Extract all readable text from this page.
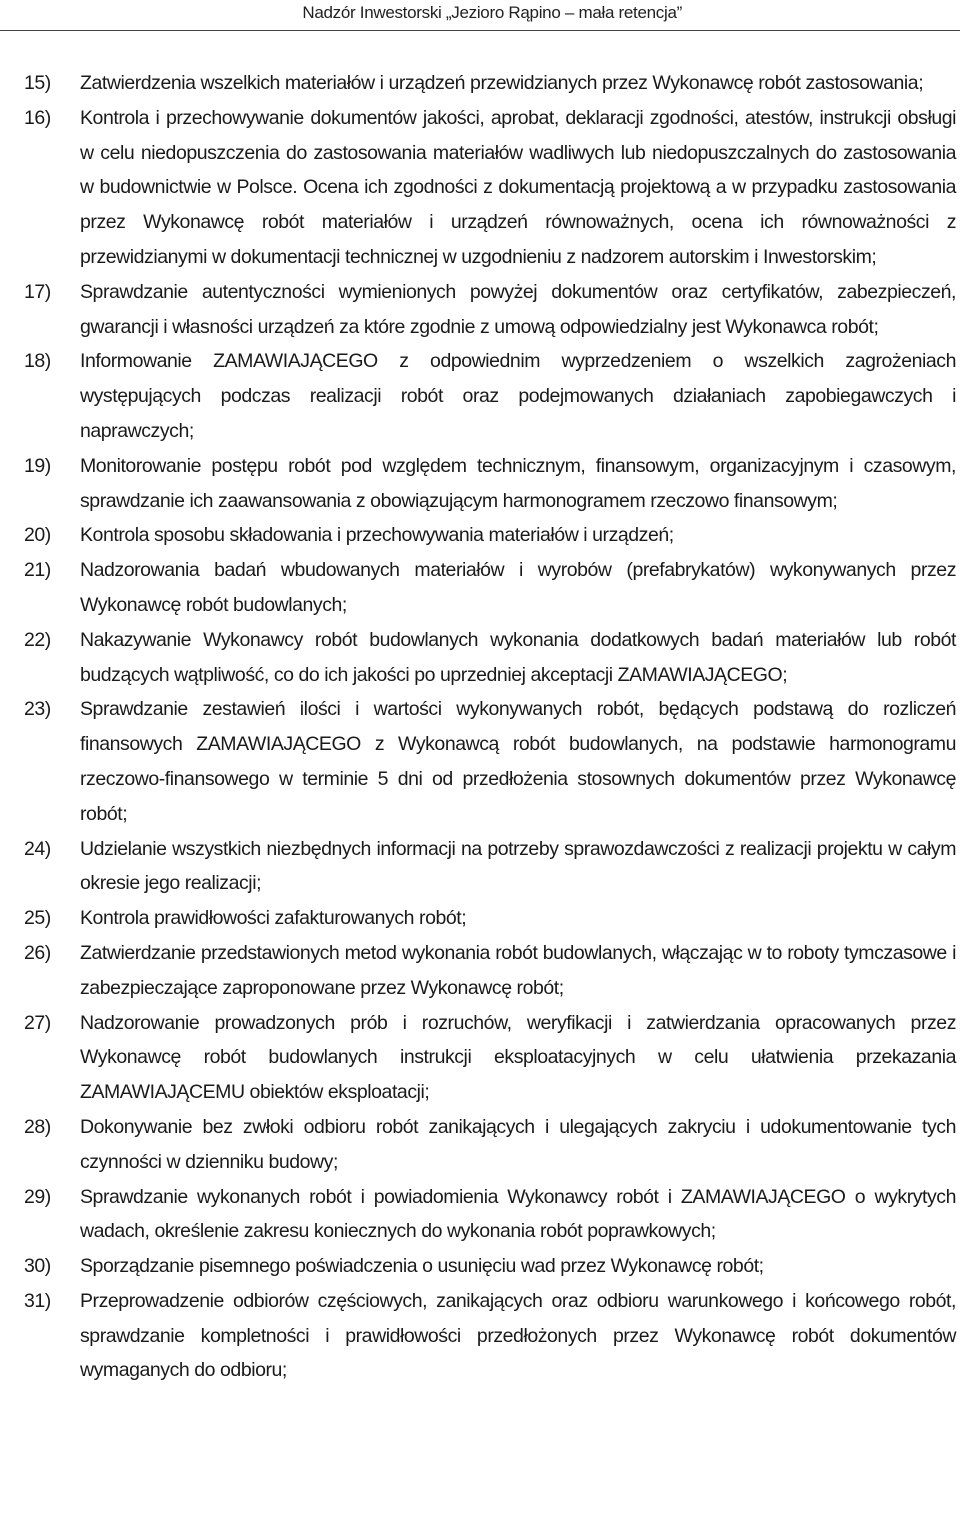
Nadzór Inwestorski „Jezioro Rąpino – mała retencja”
15)	Zatwierdzenia wszelkich materiałów i urządzeń przewidzianych przez Wykonawcę robót zastosowania;
16)	Kontrola i przechowywanie dokumentów jakości, aprobat, deklaracji zgodności, atestów, instrukcji obsługi w celu niedopuszczenia do zastosowania materiałów wadliwych lub niedopuszczalnych do zastosowania w budownictwie w Polsce. Ocena ich zgodności z dokumentacją projektową a w przypadku zastosowania przez Wykonawcę robót materiałów i urządzeń równoważnych, ocena ich równoważności z przewidzianymi w dokumentacji technicznej w uzgodnieniu z nadzorem autorskim i Inwestorskim;
17)	Sprawdzanie autentyczności wymienionych powyżej dokumentów oraz certyfikatów, zabezpieczeń, gwarancji i własności urządzeń za które zgodnie z umową odpowiedzialny jest Wykonawca robót;
18)	Informowanie ZAMAWIAJĄCEGO z odpowiednim wyprzedzeniem o wszelkich zagrożeniach występujących podczas realizacji robót oraz podejmowanych działaniach zapobiegawczych i naprawczych;
19)	Monitorowanie postępu robót pod względem technicznym, finansowym, organizacyjnym i czasowym, sprawdzanie ich zaawansowania z obowiązującym harmonogramem rzeczowo finansowym;
20)	Kontrola sposobu składowania i przechowywania materiałów i urządzeń;
21)	Nadzorowania badań wbudowanych materiałów i wyrobów (prefabrykatów) wykonywanych przez Wykonawcę robót budowlanych;
22)	Nakazywanie Wykonawcy robót budowlanych wykonania dodatkowych badań materiałów lub robót budzących wątpliwość, co do ich jakości po uprzedniej akceptacji ZAMAWIAJĄCEGO;
23)	Sprawdzanie zestawień ilości i wartości wykonywanych robót, będących podstawą do rozliczeń finansowych ZAMAWIAJĄCEGO z Wykonawcą robót budowlanych, na podstawie harmonogramu rzeczowo-finansowego w terminie 5 dni od przedłożenia stosownych dokumentów przez Wykonawcę robót;
24)	Udzielanie wszystkich niezbędnych informacji na potrzeby sprawozdawczości z realizacji projektu w całym okresie jego realizacji;
25)	Kontrola prawidłowości zafakturowanych robót;
26)	Zatwierdzanie przedstawionych metod wykonania robót budowlanych, włączając w to roboty tymczasowe i zabezpieczające zaproponowane przez Wykonawcę robót;
27)	Nadzorowanie prowadzonych prób i rozruchów, weryfikacji i zatwierdzania opracowanych przez Wykonawcę robót budowlanych instrukcji eksploatacyjnych w celu ułatwienia przekazania ZAMAWIAJĄCEMU obiektów eksploatacji;
28)	Dokonywanie bez zwłoki odbioru robót zanikających i ulegających zakryciu i udokumentowanie tych czynności w dzienniku budowy;
29)	Sprawdzanie wykonanych robót i powiadomienia Wykonawcy robót i ZAMAWIAJĄCEGO o wykrytych wadach, określenie zakresu koniecznych do wykonania robót poprawkowych;
30)	Sporządzanie pisemnego poświadczenia o usunięciu wad przez Wykonawcę robót;
31)	Przeprowadzenie odbiorów częściowych, zanikających oraz odbioru warunkowego i końcowego robót, sprawdzanie kompletności i prawidłowości przedłożonych przez Wykonawcę robót dokumentów wymaganych do odbioru;
